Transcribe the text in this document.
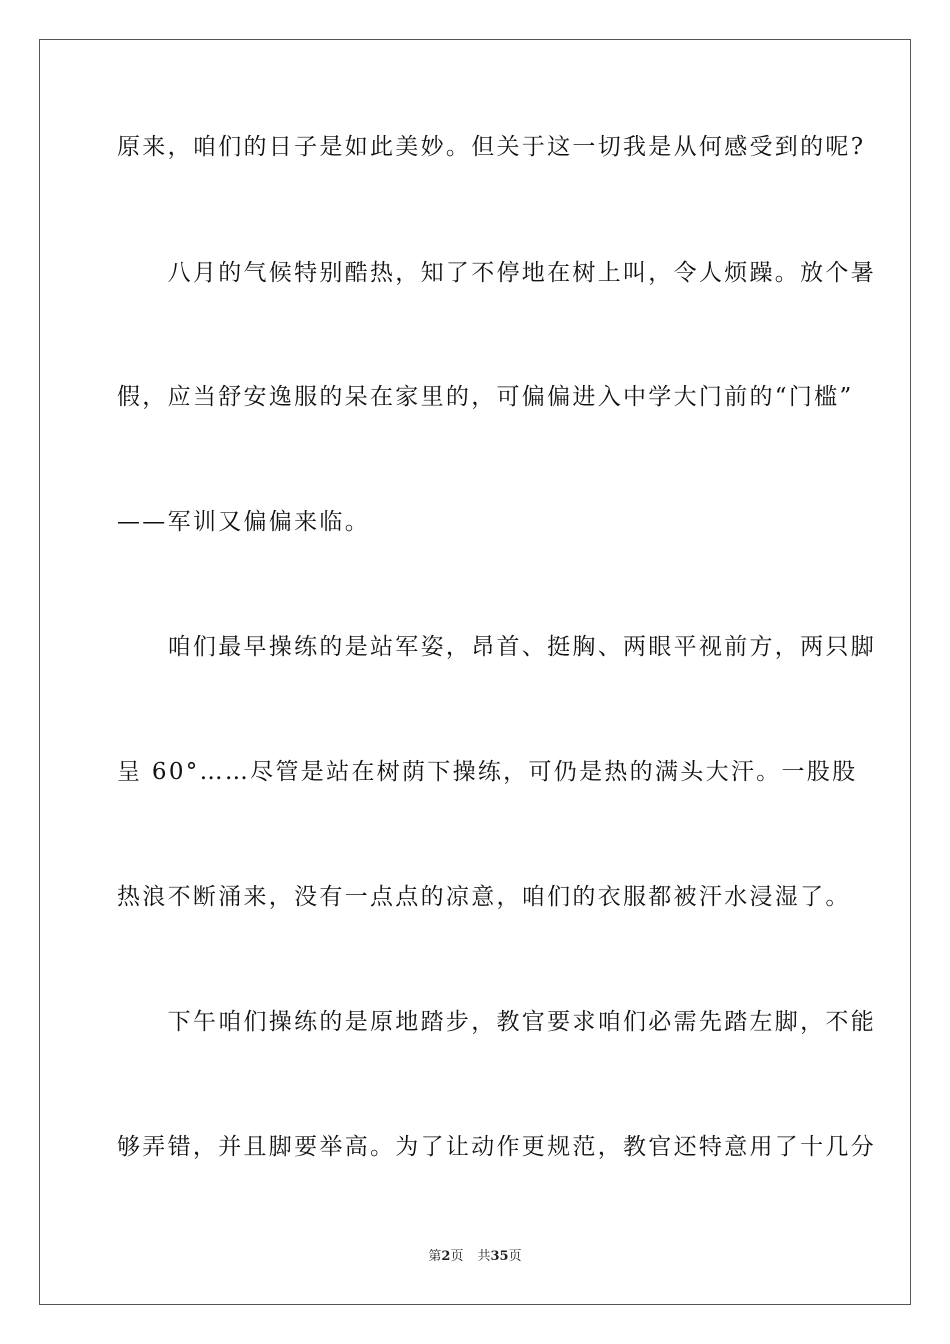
原来，咱们的日子是如此美妙。但关于这一切我是从何感受到的呢?
　　八月的气候特别酷热，知了不停地在树上叫，令人烦躁。放个暑
假，应当舒安逸服的呆在家里的，可偏偏进入中学大门前的“门槛”
——军训又偏偏来临。
　　咱们最早操练的是站军姿，昂首、挺胸、两眼平视前方，两只脚
呈 60°……尽管是站在树荫下操练，可仍是热的满头大汗。一股股
热浪不断涌来，没有一点点的凉意，咱们的衣服都被汗水浸湿了。
　　下午咱们操练的是原地踏步，教官要求咱们必需先踏左脚，不能
够弄错，并且脚要举高。为了让动作更规范，教官还特意用了十几分
第2页 共35页
